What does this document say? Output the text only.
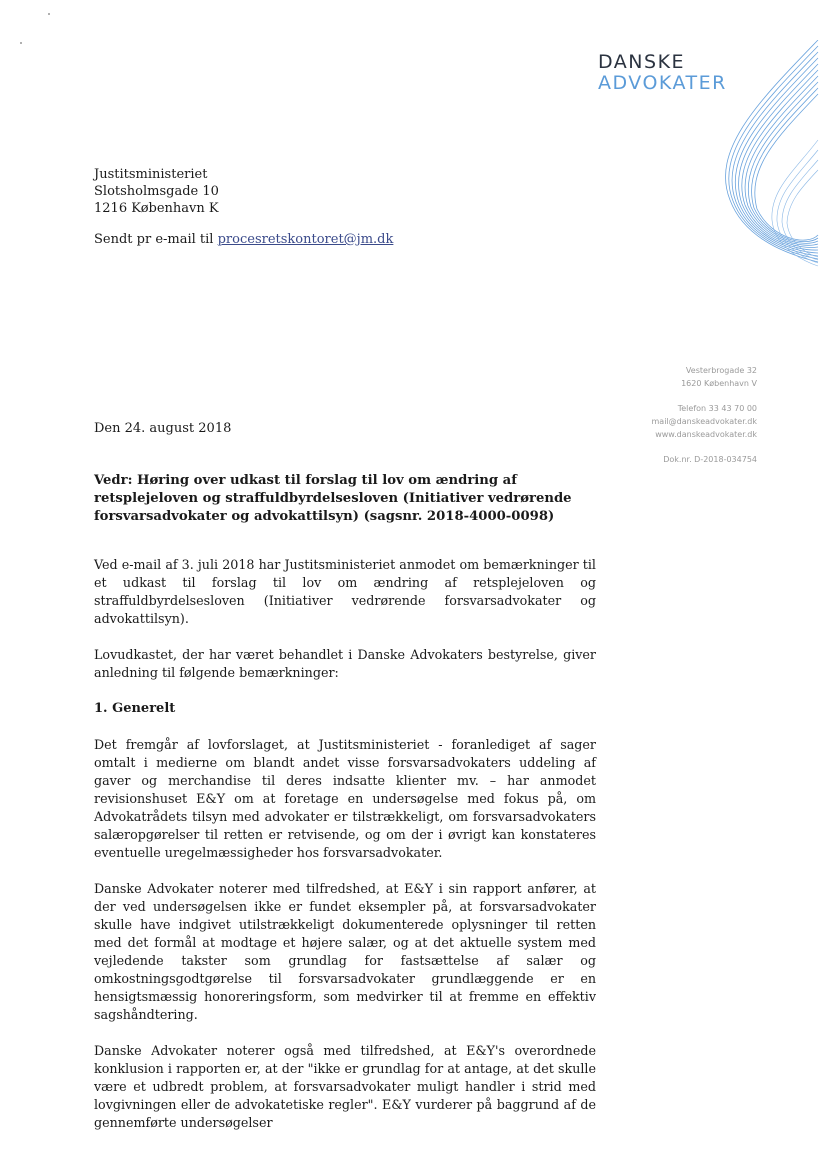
DANSKE
ADVOKATER
Justitsministeriet
Slotsholmsgade 10
1216 København K
Sendt pr e-mail til procesretskontoret@jm.dk
Vesterbrogade 32
1620 København V
Telefon 33 43 70 00
mail@danskeadvokater.dk
www.danskeadvokater.dk
Dok.nr. D-2018-034754
Den 24. august 2018
Vedr: Høring over udkast til forslag til lov om ændring af retsplejeloven og straffuldbyrdelsesloven (Initiativer vedrørende forsvarsadvokater og advokattilsyn) (sagsnr. 2018-4000-0098)

Ved e-mail af 3. juli 2018 har Justitsministeriet anmodet om bemærkninger til et udkast til forslag til lov om ændring af retsplejeloven og straffuldbyrdelsesloven (Initiativer vedrørende forsvarsadvokater og advokattilsyn).

Lovudkastet, der har været behandlet i Danske Advokaters bestyrelse, giver anledning til følgende bemærkninger:

1. Generelt

Det fremgår af lovforslaget, at Justitsministeriet - foranlediget af sager omtalt i medierne om blandt andet visse forsvarsadvokaters uddeling af gaver og merchandise til deres indsatte klienter mv. – har anmodet revisionshuset E&Y om at foretage en undersøgelse med fokus på, om Advokatrådets tilsyn med advokater er tilstrækkeligt, om forsvarsadvokaters salæropgørelser til retten er retvisende, og om der i øvrigt kan konstateres eventuelle uregelmæssigheder hos forsvarsadvokater.

Danske Advokater noterer med tilfredshed, at E&Y i sin rapport anfører, at der ved undersøgelsen ikke er fundet eksempler på, at forsvarsadvokater skulle have indgivet utilstrækkeligt dokumenterede oplysninger til retten med det formål at modtage et højere salær, og at det aktuelle system med vejledende takster som grundlag for fastsættelse af salær og omkostningsgodtgørelse til forsvarsadvokater grundlæggende er en hensigtsmæssig honoreringsform, som medvirker til at fremme en effektiv sagshåndtering.

Danske Advokater noterer også med tilfredshed, at E&Y's overordnede konklusion i rapporten er, at der "ikke er grundlag for at antage, at det skulle være et udbredt problem, at forsvarsadvokater muligt handler i strid med lovgivningen eller de advokatetiske regler". E&Y vurderer på baggrund af de gennemførte undersøgelser
